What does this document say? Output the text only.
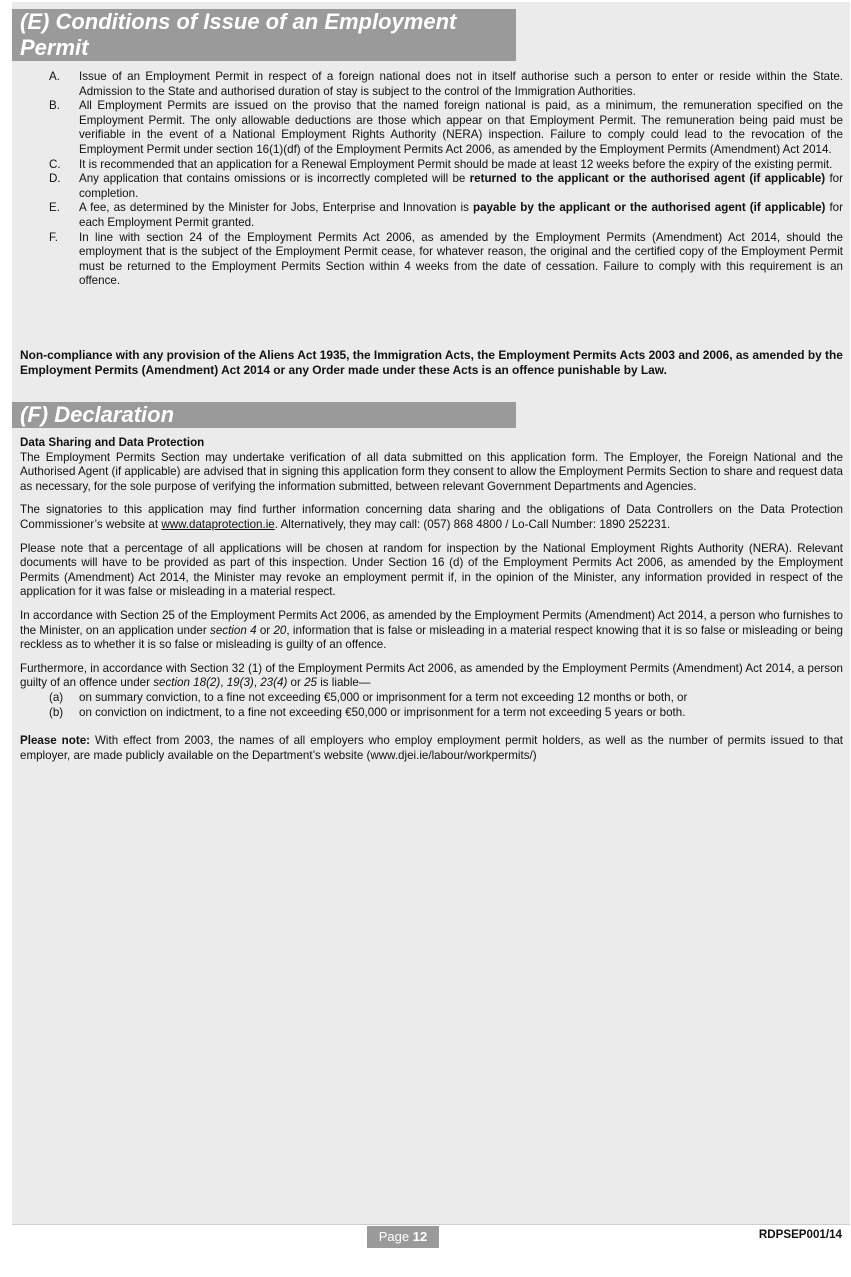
(E) Conditions of Issue of an Employment
Permit
A. Issue of an Employment Permit in respect of a foreign national does not in itself authorise such a person to enter or reside within the State. Admission to the State and authorised duration of stay is subject to the control of the Immigration Authorities.
B. All Employment Permits are issued on the proviso that the named foreign national is paid, as a minimum, the remuneration specified on the Employment Permit. The only allowable deductions are those which appear on that Employment Permit. The remuneration being paid must be verifiable in the event of a National Employment Rights Authority (NERA) inspection. Failure to comply could lead to the revocation of the Employment Permit under section 16(1)(df) of the Employment Permits Act 2006, as amended by the Employment Permits (Amendment) Act 2014.
C. It is recommended that an application for a Renewal Employment Permit should be made at least 12 weeks before the expiry of the existing permit.
D. Any application that contains omissions or is incorrectly completed will be returned to the applicant or the authorised agent (if applicable) for completion.
E. A fee, as determined by the Minister for Jobs, Enterprise and Innovation is payable by the applicant or the authorised agent (if applicable) for each Employment Permit granted.
F. In line with section 24 of the Employment Permits Act 2006, as amended by the Employment Permits (Amendment) Act 2014, should the employment that is the subject of the Employment Permit cease, for whatever reason, the original and the certified copy of the Employment Permit must be returned to the Employment Permits Section within 4 weeks from the date of cessation. Failure to comply with this requirement is an offence.
Non-compliance with any provision of the Aliens Act 1935, the Immigration Acts, the Employment Permits Acts 2003 and 2006, as amended by the Employment Permits (Amendment) Act 2014 or any Order made under these Acts is an offence punishable by Law.
(F) Declaration

Data Sharing and Data Protection

The Employment Permits Section may undertake verification of all data submitted on this application form. The Employer, the Foreign National and the Authorised Agent (if applicable) are advised that in signing this application form they consent to allow the Employment Permits Section to share and request data as necessary, for the sole purpose of verifying the information submitted, between relevant Government Departments and Agencies.

The signatories to this application may find further information concerning data sharing and the obligations of Data Controllers on the Data Protection Commissioner’s website at www.dataprotection.ie. Alternatively, they may call: (057) 868 4800 / Lo-Call Number: 1890 252231.

Please note that a percentage of all applications will be chosen at random for inspection by the National Employment Rights Authority (NERA). Relevant documents will have to be provided as part of this inspection. Under Section 16 (d) of the Employment Permits Act 2006, as amended by the Employment Permits (Amendment) Act 2014, the Minister may revoke an employment permit if, in the opinion of the Minister, any information provided in respect of the application for it was false or misleading in a material respect.

In accordance with Section 25 of the Employment Permits Act 2006, as amended by the Employment Permits (Amendment) Act 2014, a person who furnishes to the Minister, on an application under section 4 or 20, information that is false or misleading in a material respect knowing that it is so false or misleading or being reckless as to whether it is so false or misleading is guilty of an offence.

Furthermore, in accordance with Section 32 (1) of the Employment Permits Act 2006, as amended by the Employment Permits (Amendment) Act 2014, a person guilty of an offence under section 18(2), 19(3), 23(4) or 25 is liable—

(a) on summary conviction, to a fine not exceeding €5,000 or imprisonment for a term not exceeding 12 months or both, or
(b) on conviction on indictment, to a fine not exceeding €50,000 or imprisonment for a term not exceeding 5 years or both.

Please note: With effect from 2003, the names of all employers who employ employment permit holders, as well as the number of permits issued to that employer, are made publicly available on the Department’s website (www.djei.ie/labour/workpermits/)

Page 12	RDPSEP001/14
